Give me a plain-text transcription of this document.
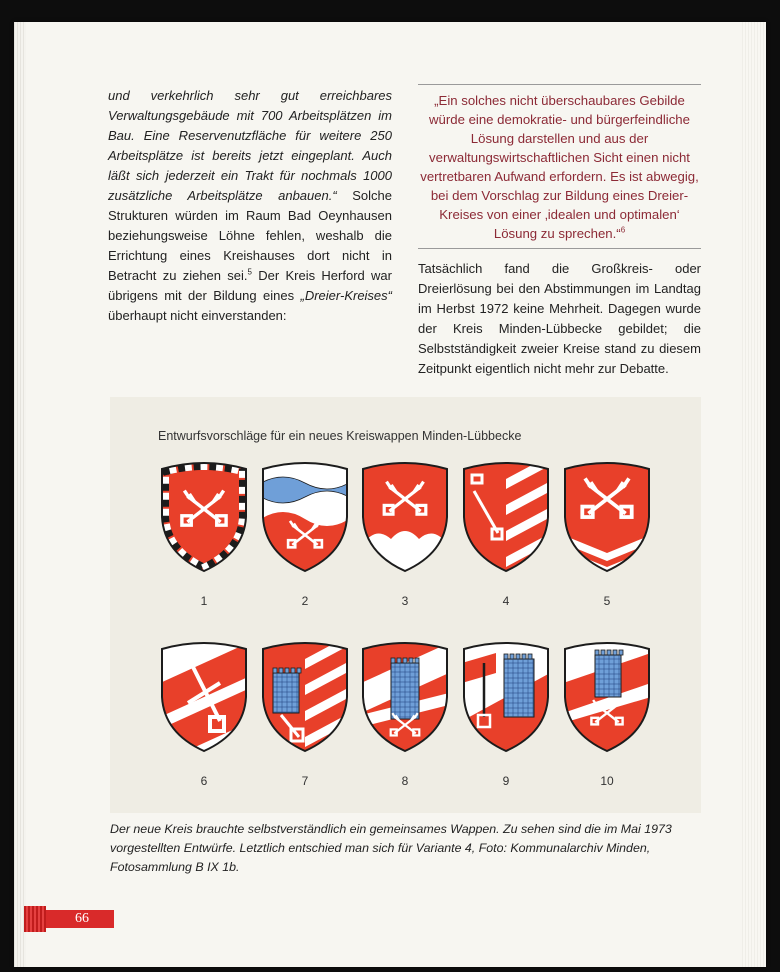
und verkehrlich sehr gut erreichbares Verwaltungsgebäude mit 700 Arbeitsplätzen im Bau. Eine Reservenutzfläche für weitere 250 Arbeitsplätze ist bereits jetzt eingeplant. Auch läßt sich jederzeit ein Trakt für nochmals 1000 zusätzliche Arbeitsplätze anbauen.“ Solche Strukturen würden im Raum Bad Oeynhausen beziehungsweise Löhne fehlen, weshalb die Errichtung eines Kreishauses dort nicht in Betracht zu ziehen sei.$^5$ Der Kreis Herford war übrigens mit der Bildung eines „Dreier-Kreises“ überhaupt nicht einverstanden:
„Ein solches nicht überschaubares Gebilde würde eine demokratie- und bürgerfeindliche Lösung darstellen und aus der verwaltungswirtschaftlichen Sicht einen nicht vertretbaren Aufwand erfordern. Es ist abwegig, bei dem Vorschlag zur Bildung eines Dreier-Kreises von einer ‚idealen und optimalen‘ Lösung zu sprechen.“$^6$
Tatsächlich fand die Großkreis- oder Dreierlösung bei den Abstimmungen im Landtag im Herbst 1972 keine Mehrheit. Dagegen wurde der Kreis Minden-Lübbecke gebildet; die Selbstständigkeit zweier Kreise stand zu diesem Zeitpunkt eigentlich nicht mehr zur Debatte.
Entwurfsvorschläge für ein neues Kreiswappen Minden-Lübbecke
1	2	3	4	5
6	7	8	9	10
Der neue Kreis brauchte selbstverständlich ein gemeinsames Wappen. Zu sehen sind die im Mai 1973 vorgestellten Entwürfe. Letztlich entschied man sich für Variante 4, Foto: Kommunalarchiv Minden, Fotosammlung B IX 1b.
66
